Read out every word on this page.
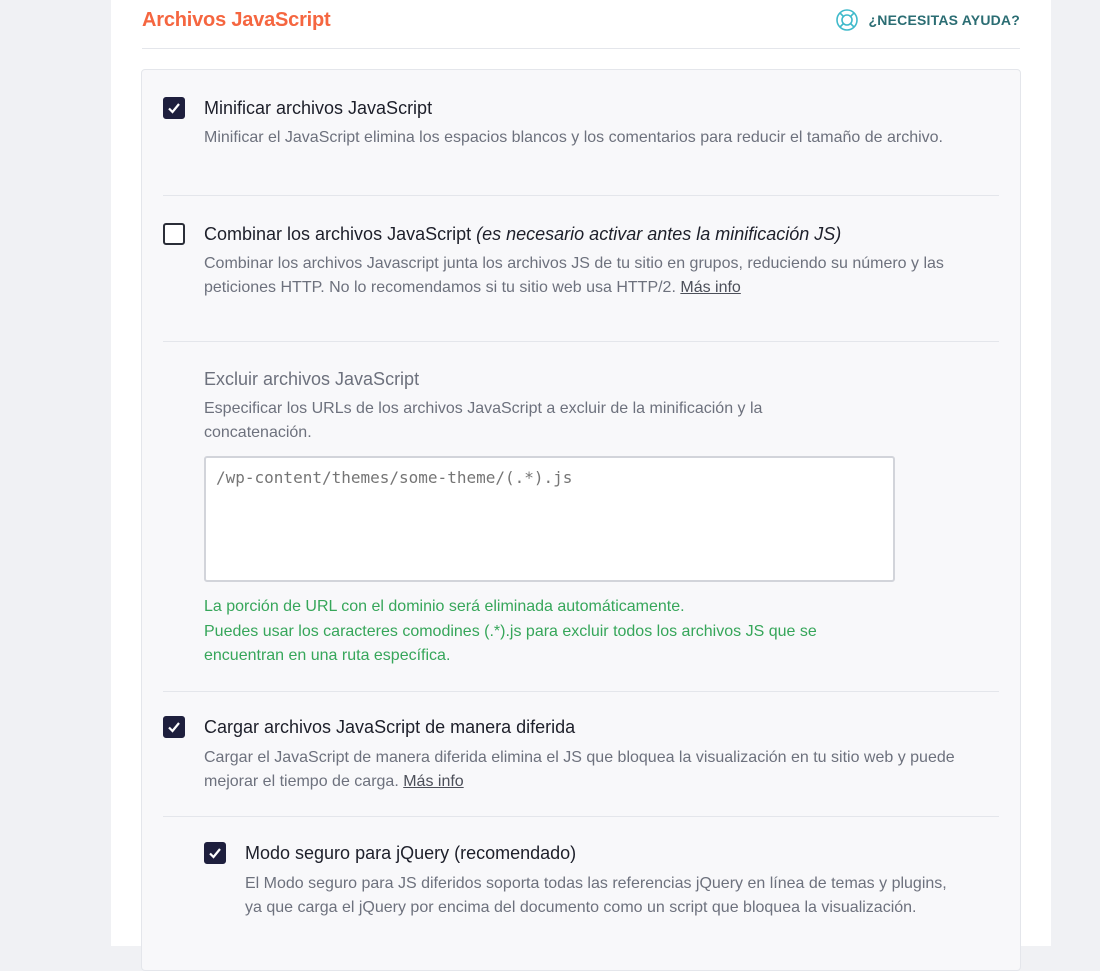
Archivos JavaScript	¿NECESITAS AYUDA?
Minificar archivos JavaScript
Minificar el JavaScript elimina los espacios blancos y los comentarios para reducir el tamaño de archivo.
Combinar los archivos JavaScript (es necesario activar antes la minificación JS)
Combinar los archivos Javascript junta los archivos JS de tu sitio en grupos, reduciendo su número y las peticiones HTTP. No lo recomendamos si tu sitio web usa HTTP/2. Más info
Excluir archivos JavaScript
Especificar los URLs de los archivos JavaScript a excluir de la minificación y la concatenación.
/wp-content/themes/some-theme/(.*).js
La porción de URL con el dominio será eliminada automáticamente.
Puedes usar los caracteres comodines (.*).js para excluir todos los archivos JS que se encuentran en una ruta específica.
Cargar archivos JavaScript de manera diferida
Cargar el JavaScript de manera diferida elimina el JS que bloquea la visualización en tu sitio web y puede mejorar el tiempo de carga. Más info
Modo seguro para jQuery (recomendado)
El Modo seguro para JS diferidos soporta todas las referencias jQuery en línea de temas y plugins, ya que carga el jQuery por encima del documento como un script que bloquea la visualización.
